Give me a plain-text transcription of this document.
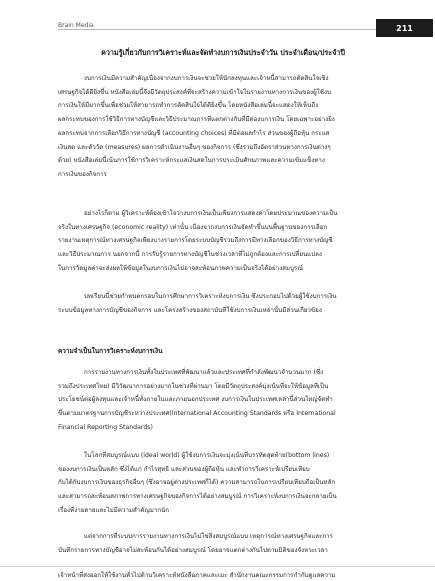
Brain Media	211
ความรู้เกี่ยวกับการวิเคราะห์และจัดทำงบการเงินประจำวัน ประจำเดือน/ประจำปี

งบการเงินมีความสำคัญเนื่องจากงบการเงินจะช่วยให้นักลงทุนและเจ้าหนี้สามารถตัดสินใจเชิง
เศรษฐกิจได้ดียิ่งขึ้น หนังสือเล่มนี้จึงมีวัตถุประสงค์ที่จะสร้างความเข้าใจในรายงานทางการเงินของผู้ใช้งบ
การเงินให้มีมากขึ้นเพื่อช่วยให้สามารถทำการตัดสินใจได้ดียิ่งขึ้น โดยหนังสือเล่มนี้จะแสดงให้เห็นถึง
ผลกระทบของการใช้วิธีการทางบัญชีและวิธีประมาณการที่แตกต่างกันที่มีต่องบการเงิน โดยเฉพาะอย่างยิ่ง
ผลกระทบจากการเลือกวิธีการทางบัญชี (accounting choices) ที่มีต่อผลกำไร ส่วนของผู้ถือหุ้น กระแส
เงินสด และตัววัด (measures) ผลการดำเนินงานอื่นๆ ของกิจการ (ซึ่งรวมถึงอัตราส่วนทางการเงินต่างๆ
ด้วย) หนังสือเล่มนี้เน้นการใช้การวิเคราะห์กระแสเงินสดในการประเมินศักยภาพและความเข้มแข็งทาง
การเงินของกิจการ

อย่างไรก็ตาม ผู้วิเคราะห์ต้องเข้าใจว่างบการเงินเป็นเพียงการแสดงค่าโดยประมาณของความเป็น
จริงในทางเศรษฐกิจ (economic reality) เท่านั้น เนื่องจากงบการเงินจัดทำขึ้นบนพื้นฐานของการเลือก
รายงานเหตุการณ์ทางเศรษฐกิจเพียงบางรายการโดยระบบบัญชีรวมถึงการมีทางเลือกของวิธีการทางบัญชี
และวิธีประมาณการ นอกจากนี้ การรับรู้รายการทางบัญชีในช่วงเวลาที่ไม่ถูกต้องและการเปลี่ยนแปลง
ในการวัดมูลค่าจะส่งผลให้ข้อมูลในงบการเงินไม่อาจสะท้อนภาพความเป็นจริงได้อย่างสมบูรณ์

บทเรียนนี้ช่วยกำหนดกรอบในการศึกษาการวิเคราะห์งบการเงิน ซึ่งประกอบไปด้วยผู้ใช้งบการเงิน
ระบบข้อมูลทางการบัญชีของกิจการ และโครงสร้างของสถาบันที่ใช้งบการเงินเหล่านั้นมีส่วนเกี่ยวข้อง

ความจำเป็นในการวิเคราะห์งบการเงิน

การรายงานทางการเงินทั้งในประเทศที่พัฒนาแล้วและประเทศที่กำลังพัฒนาจำนวนมาก (ซึ่ง
รวมถึงประเทศไทย) มีวิวัฒนาการอย่างมากในช่วงที่ผ่านมา โดยมีวัตถุประสงค์มุ่งเน้นที่จะให้ข้อมูลที่เป็น
ประโยชน์ต่อผู้ลงทุนและเจ้าหนี้ทั้งภายในและภายนอกประเทศ งบการเงินในประเทศเหล่านี้ส่วนใหญ่จัดทำ
ขึ้นตามมาตรฐานการบัญชีระหว่างประเทศ(International Accounting Standards หรือ International
Financial Reporting Standards)

ในโลกที่สมบูรณ์แบบ (ideal world) ผู้ใช้งบการเงินจะมุ่งเน้นที่บรรทัดสุดท้าย(bottom lines)
ของงบการเงินเป็นหลัก ซึ่งได้แก่ กำไรสุทธิ และส่วนของผู้ถือหุ้น และทำการวิเคราะห์เปรียบเทียบ
กับได้กับงบการเงินของธุรกิจอื่นๆ (ซึ่งอาจอยู่ต่างประเทศก็ได้) ความสามารถในการเปรียบเทียบถือเป็นหลัก
และสามารถสะท้อนสภาพการทางเศรษฐกิจของกิจการได้อย่างสมบูรณ์ การวิเคราะห์งบการเงินจะกลายเป็น
เรื่องที่ง่ายดายและไม่มีความสำคัญมากนัก

แต่จากการที่ระบบการรายงานทางการเงินไม่ใช่สิ่งสมบูรณ์แบบ เหตุการณ์ทางเศรษฐกิจและการ
บันทึกรายการทางบัญชีอาจไม่สะท้อนกันได้อย่างสมบูรณ์ โดยอาจแตกต่างกันไปตามมิติของจังหวะเวลา

เจ้าหน้าที่ส่งออกให้ใช้งานทั่วไปด้านวิเคราะห์หนังสือภาคและเมะ สำนักงานคณะกรรมการกำกับดูแลความ
